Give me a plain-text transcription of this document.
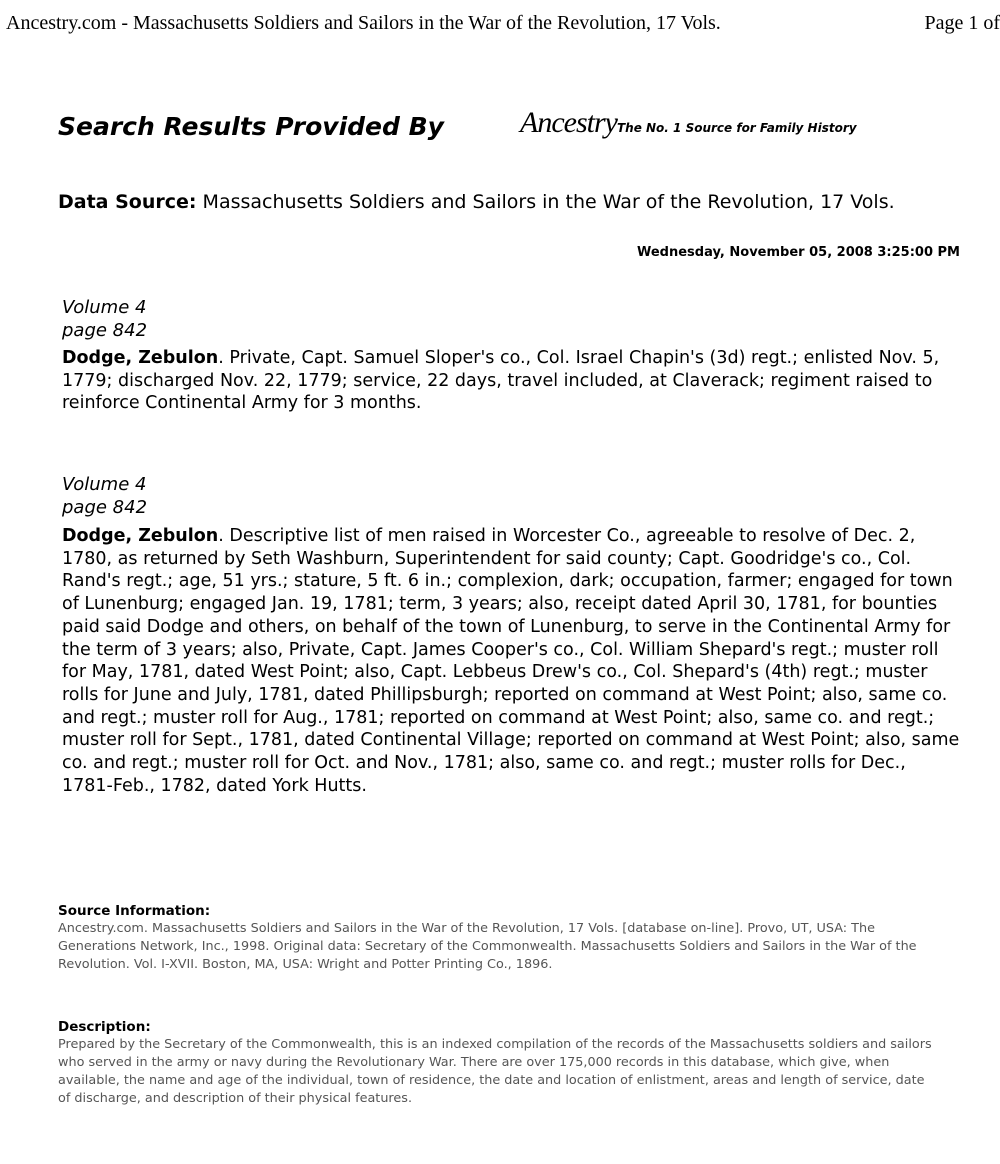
Ancestry.com - Massachusetts Soldiers and Sailors in the War of the Revolution, 17 Vols.	Page 1 of
Search Results Provided By	AncestryThe No. 1 Source for Family History
Data Source: Massachusetts Soldiers and Sailors in the War of the Revolution, 17 Vols.
Wednesday, November 05, 2008 3:25:00 PM
Volume 4
page 842
Dodge, Zebulon. Private, Capt. Samuel Sloper's co., Col. Israel Chapin's (3d) regt.; enlisted Nov. 5, 1779; discharged Nov. 22, 1779; service, 22 days, travel included, at Claverack; regiment raised to reinforce Continental Army for 3 months.
Volume 4
page 842
Dodge, Zebulon. Descriptive list of men raised in Worcester Co., agreeable to resolve of Dec. 2, 1780, as returned by Seth Washburn, Superintendent for said county; Capt. Goodridge's co., Col. Rand's regt.; age, 51 yrs.; stature, 5 ft. 6 in.; complexion, dark; occupation, farmer; engaged for town of Lunenburg; engaged Jan. 19, 1781; term, 3 years; also, receipt dated April 30, 1781, for bounties paid said Dodge and others, on behalf of the town of Lunenburg, to serve in the Continental Army for the term of 3 years; also, Private, Capt. James Cooper's co., Col. William Shepard's regt.; muster roll for May, 1781, dated West Point; also, Capt. Lebbeus Drew's co., Col. Shepard's (4th) regt.; muster rolls for June and July, 1781, dated Phillipsburgh; reported on command at West Point; also, same co. and regt.; muster roll for Aug., 1781; reported on command at West Point; also, same co. and regt.; muster roll for Sept., 1781, dated Continental Village; reported on command at West Point; also, same co. and regt.; muster roll for Oct. and Nov., 1781; also, same co. and regt.; muster rolls for Dec., 1781-Feb., 1782, dated York Hutts.
Source Information:
Ancestry.com. Massachusetts Soldiers and Sailors in the War of the Revolution, 17 Vols. [database on-line]. Provo, UT, USA: The Generations Network, Inc., 1998. Original data: Secretary of the Commonwealth. Massachusetts Soldiers and Sailors in the War of the Revolution. Vol. I-XVII. Boston, MA, USA: Wright and Potter Printing Co., 1896.
Description:
Prepared by the Secretary of the Commonwealth, this is an indexed compilation of the records of the Massachusetts soldiers and sailors who served in the army or navy during the Revolutionary War. There are over 175,000 records in this database, which give, when available, the name and age of the individual, town of residence, the date and location of enlistment, areas and length of service, date of discharge, and description of their physical features.
